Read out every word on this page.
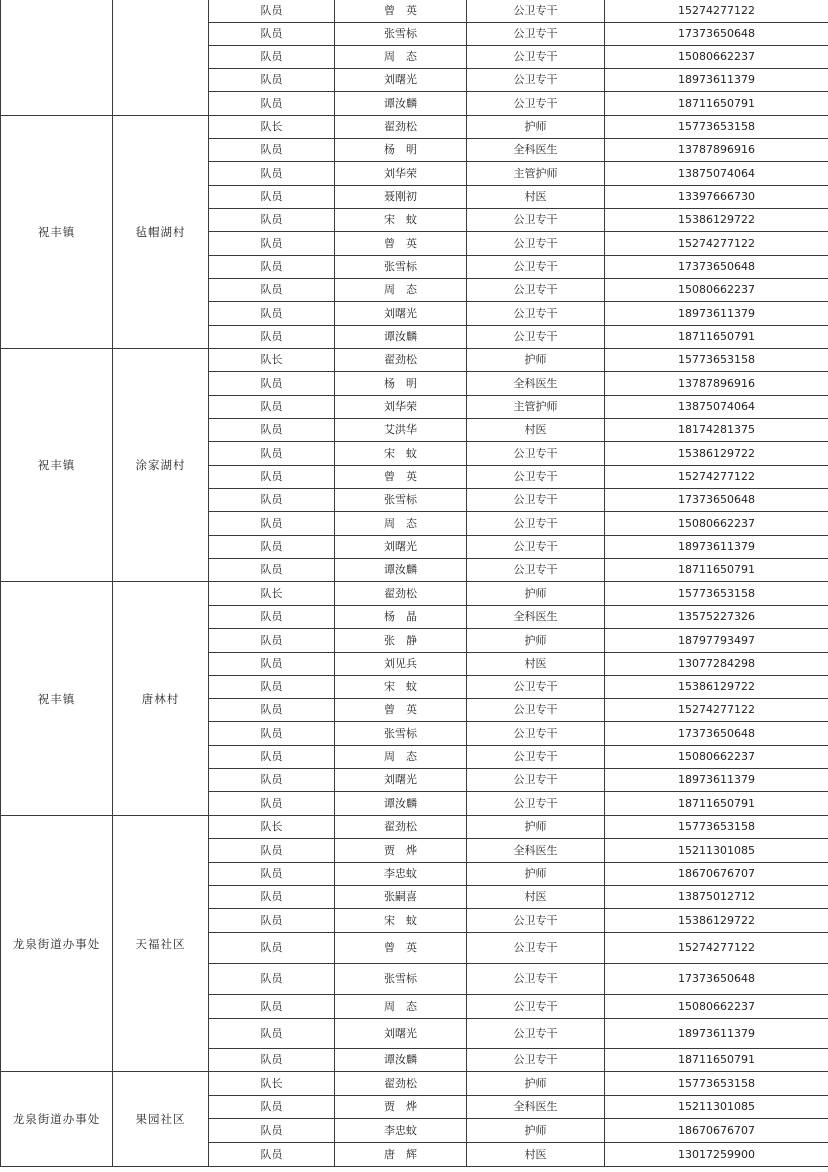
		队员	曾　英	公卫专干	15274277122
		队员	张雪标	公卫专干	17373650648
		队员	周　态	公卫专干	15080662237
		队员	刘曙光	公卫专干	18973611379
		队员	谭汝麟	公卫专干	18711650791
祝丰镇	毡帽湖村	队长	翟劲松	护师	15773653158
		队员	杨　明	全科医生	13787896916
		队员	刘华荣	主管护师	13875074064
		队员	聂刚初	村医	13397666730
		队员	宋　蚊	公卫专干	15386129722
		队员	曾　英	公卫专干	15274277122
		队员	张雪标	公卫专干	17373650648
		队员	周　态	公卫专干	15080662237
		队员	刘曙光	公卫专干	18973611379
		队员	谭汝麟	公卫专干	18711650791
祝丰镇	涂家湖村	队长	翟劲松	护师	15773653158
		队员	杨　明	全科医生	13787896916
		队员	刘华荣	主管护师	13875074064
		队员	艾洪华	村医	18174281375
		队员	宋　蚊	公卫专干	15386129722
		队员	曾　英	公卫专干	15274277122
		队员	张雪标	公卫专干	17373650648
		队员	周　态	公卫专干	15080662237
		队员	刘曙光	公卫专干	18973611379
		队员	谭汝麟	公卫专干	18711650791
祝丰镇	唐林村	队长	翟劲松	护师	15773653158
		队员	杨　晶	全科医生	13575227326
		队员	张　静	护师	18797793497
		队员	刘见兵	村医	13077284298
		队员	宋　蚊	公卫专干	15386129722
		队员	曾　英	公卫专干	15274277122
		队员	张雪标	公卫专干	17373650648
		队员	周　态	公卫专干	15080662237
		队员	刘曙光	公卫专干	18973611379
		队员	谭汝麟	公卫专干	18711650791
龙泉街道办事处	天福社区	队长	翟劲松	护师	15773653158
		队员	贾　烨	全科医生	15211301085
		队员	李忠蚊	护师	18670676707
		队员	张嗣喜	村医	13875012712
		队员	宋　蚊	公卫专干	15386129722
		队员	曾　英	公卫专干	15274277122
		队员	张雪标	公卫专干	17373650648
		队员	周　态	公卫专干	15080662237
		队员	刘曙光	公卫专干	18973611379
		队员	谭汝麟	公卫专干	18711650791
龙泉街道办事处	果园社区	队长	翟劲松	护师	15773653158
		队员	贾　烨	全科医生	15211301085
		队员	李忠蚊	护师	18670676707
		队员	唐　辉	村医	13017259900
